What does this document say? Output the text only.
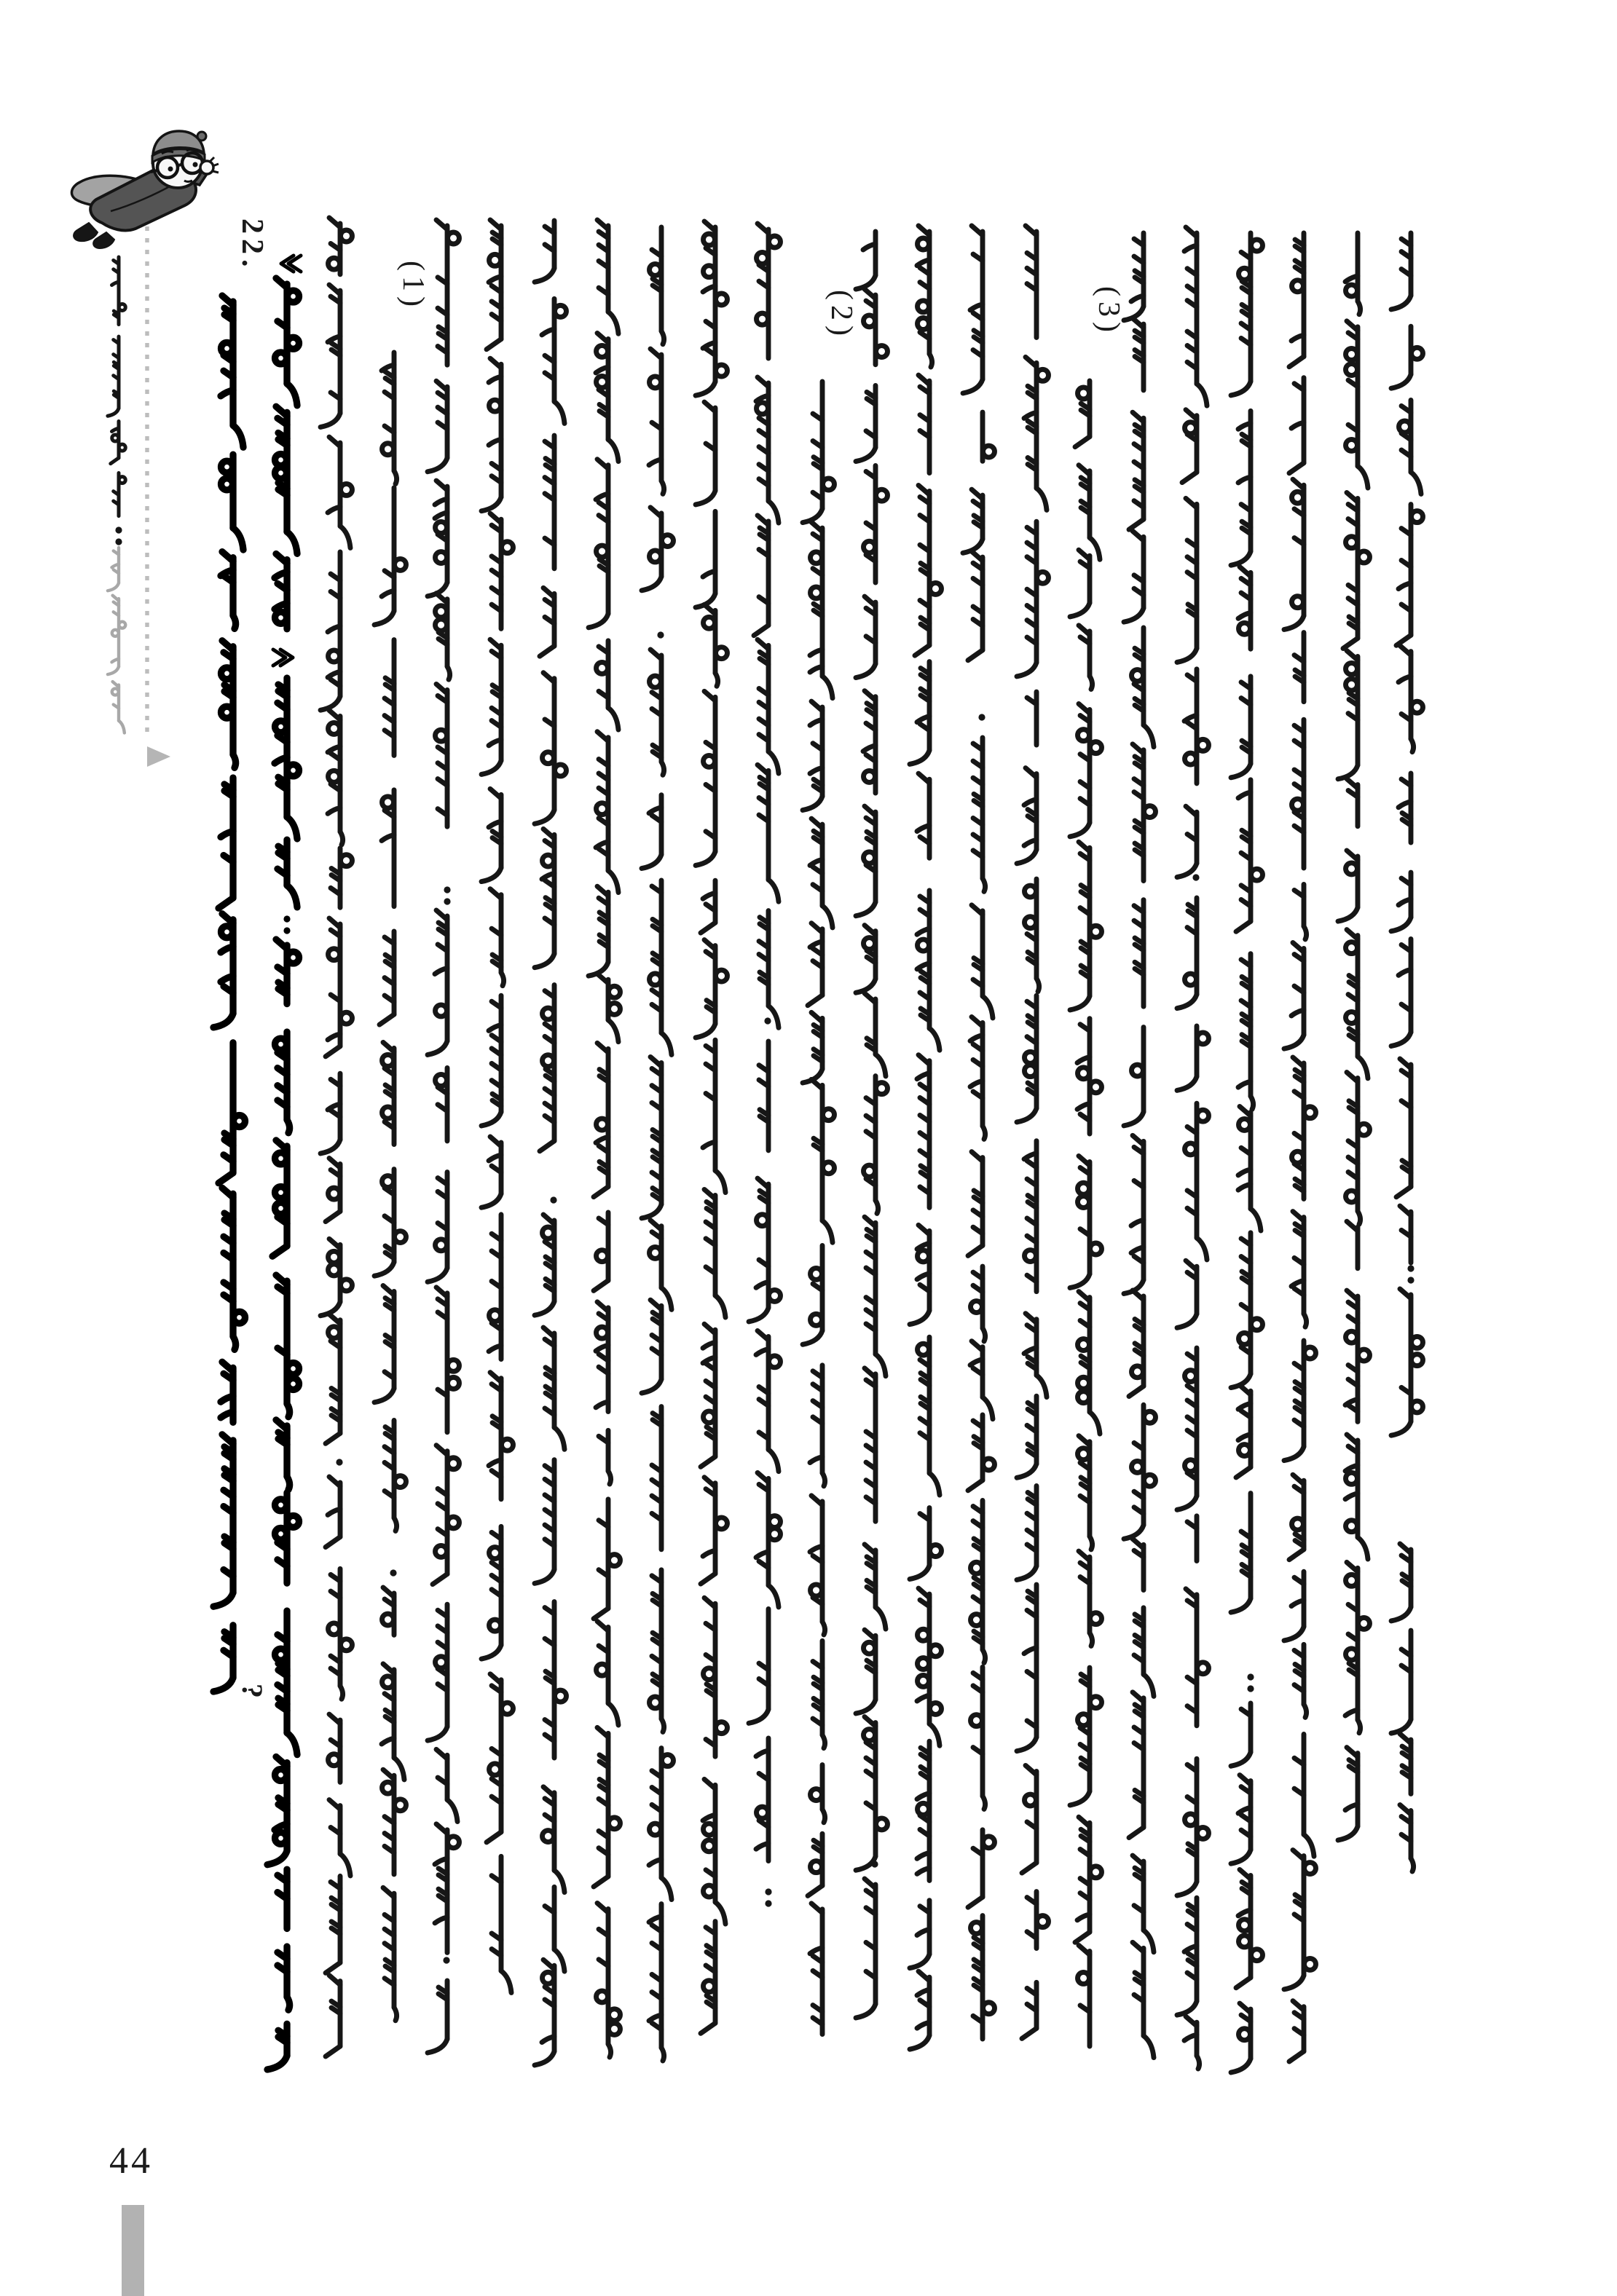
22.
?
(1)
(2)	(3)
44
